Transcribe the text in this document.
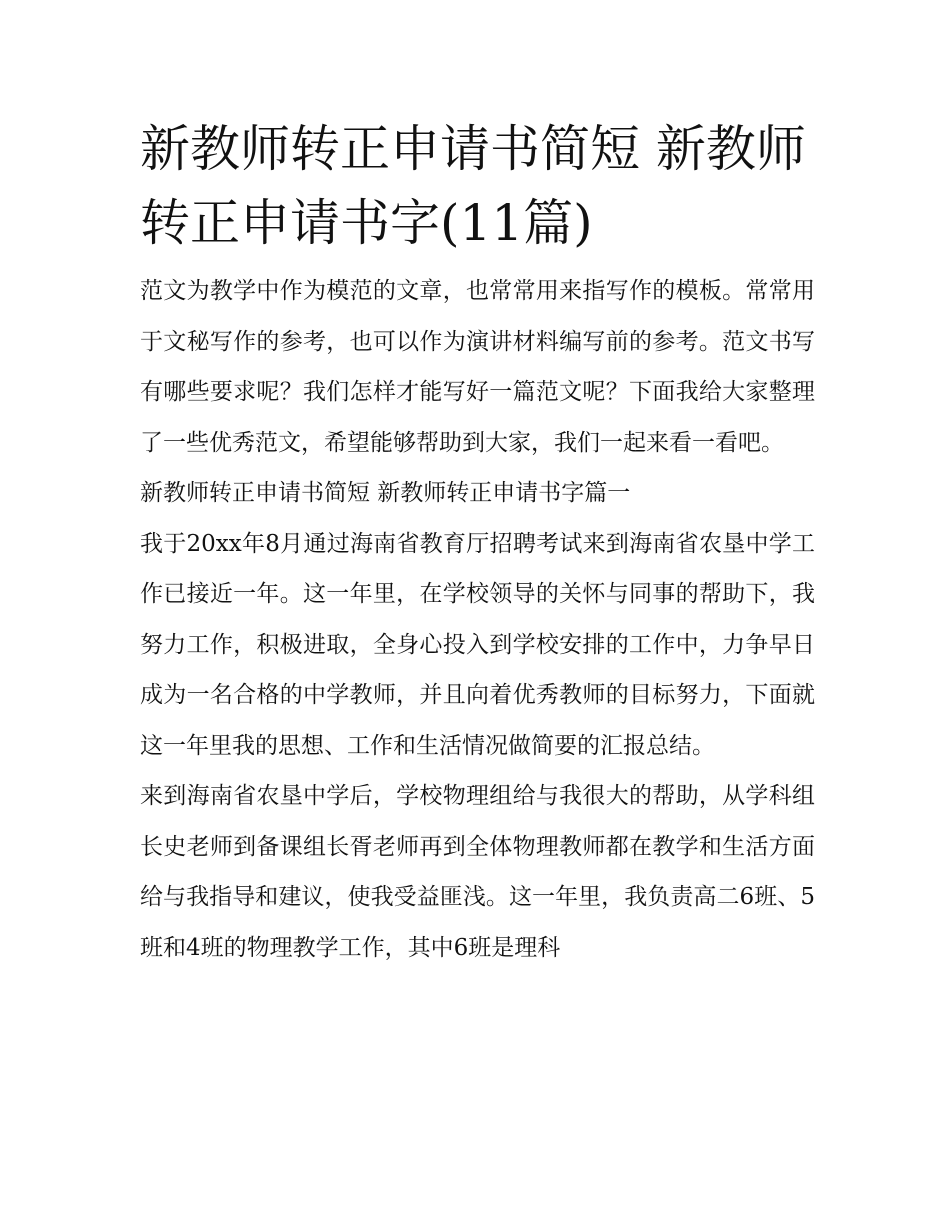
新教师转正申请书简短 新教师转正申请书字(11篇)

范文为教学中作为模范的文章，也常常用来指写作的模板。常常用于文秘写作的参考，也可以作为演讲材料编写前的参考。范文书写有哪些要求呢？我们怎样才能写好一篇范文呢？下面我给大家整理了一些优秀范文，希望能够帮助到大家，我们一起来看一看吧。

新教师转正申请书简短 新教师转正申请书字篇一

我于20xx年8月通过海南省教育厅招聘考试来到海南省农垦中学工作已接近一年。这一年里，在学校领导的关怀与同事的帮助下，我努力工作，积极进取，全身心投入到学校安排的工作中，力争早日成为一名合格的中学教师，并且向着优秀教师的目标努力，下面就这一年里我的思想、工作和生活情况做简要的汇报总结。

来到海南省农垦中学后，学校物理组给与我很大的帮助，从学科组长史老师到备课组长胥老师再到全体物理教师都在教学和生活方面给与我指导和建议，使我受益匪浅。这一年里，我负责高二6班、5班和4班的物理教学工作，其中6班是理科
